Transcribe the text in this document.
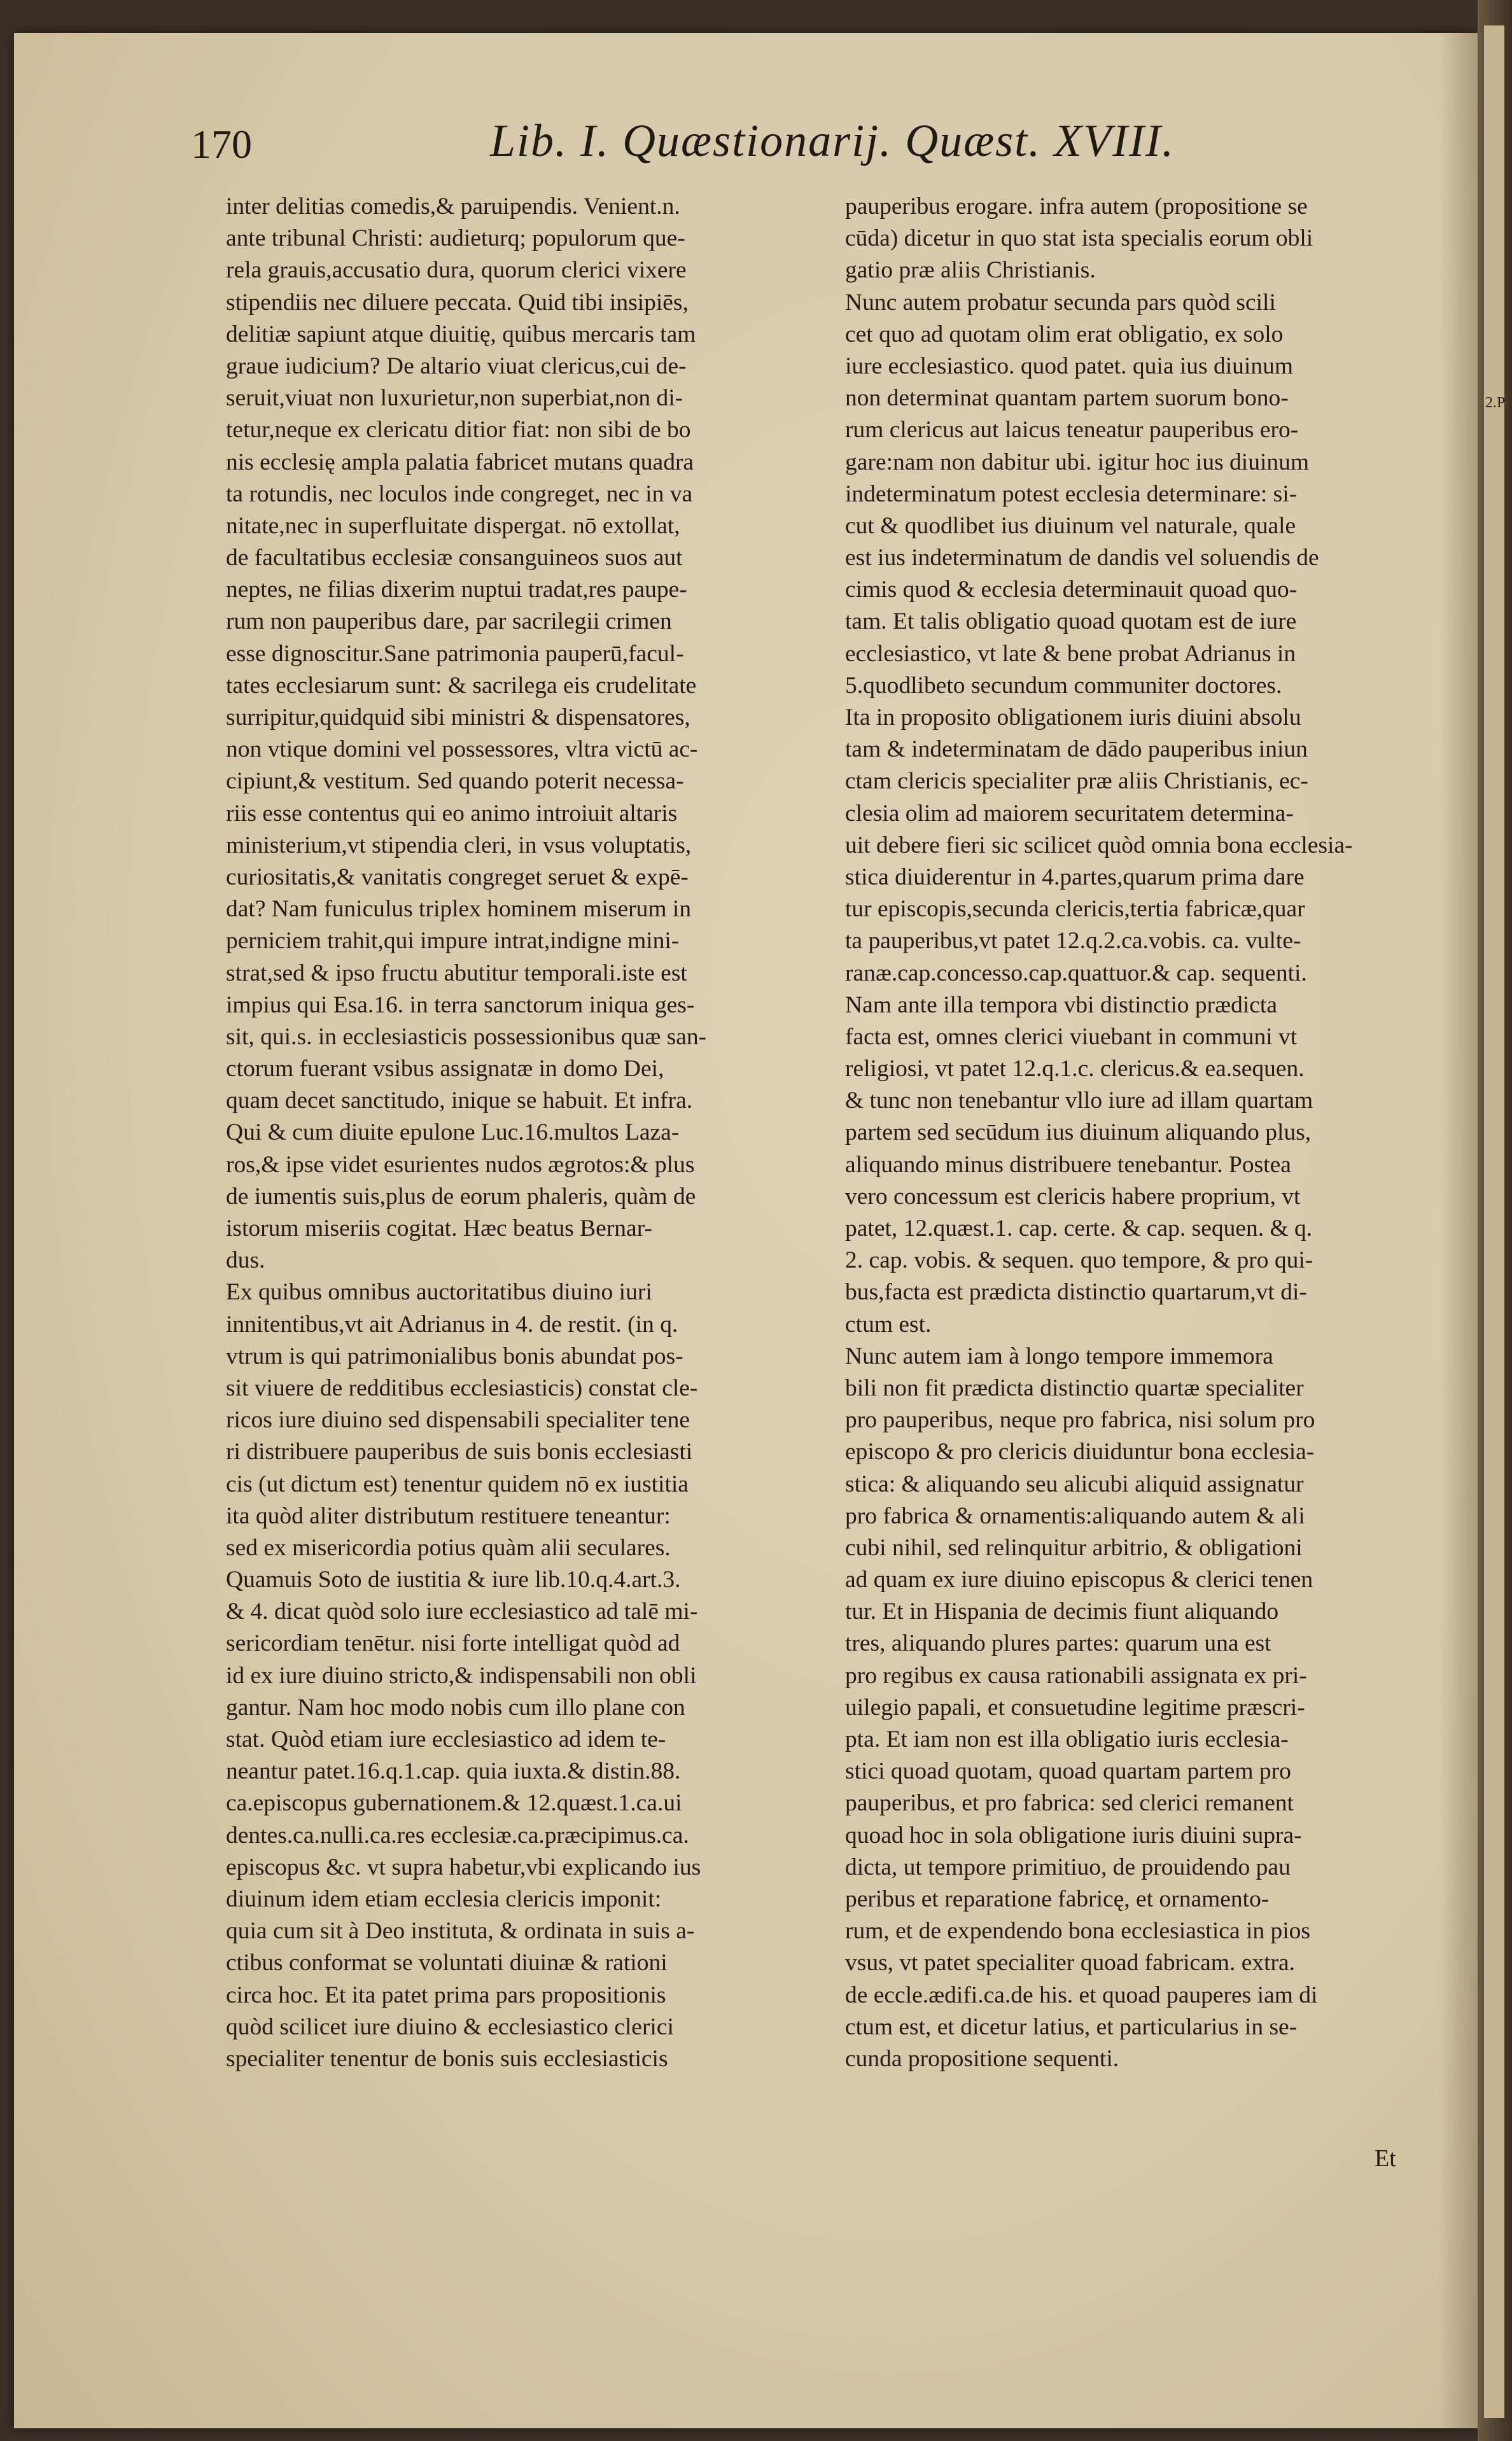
2.P
170	Lib. I. Quæstionarij. Quæst. XVIII.
inter delitias comedis,& paruipendis. Venient.n.
ante tribunal Christi: audieturq; populorum que-
rela grauis,accusatio dura, quorum clerici vixere
stipendiis nec diluere peccata. Quid tibi insipiēs,
delitiæ sapiunt atque diuitię, quibus mercaris tam
graue iudicium? De altario viuat clericus,cui de-
seruit,viuat non luxurietur,non superbiat,non di-
tetur,neque ex clericatu ditior fiat: non sibi de bo
nis ecclesię ampla palatia fabricet mutans quadra
ta rotundis, nec loculos inde congreget, nec in va
nitate,nec in superfluitate dispergat. nō extollat,
de facultatibus ecclesiæ consanguineos suos aut
neptes, ne filias dixerim nuptui tradat,res paupe-
rum non pauperibus dare, par sacrilegii crimen
esse dignoscitur.Sane patrimonia pauperū,facul-
tates ecclesiarum sunt: & sacrilega eis crudelitate
surripitur,quidquid sibi ministri & dispensatores,
non vtique domini vel possessores, vltra victū ac-
cipiunt,& vestitum. Sed quando poterit necessa-
riis esse contentus qui eo animo introiuit altaris
ministerium,vt stipendia cleri, in vsus voluptatis,
curiositatis,& vanitatis congreget seruet & expē-
dat? Nam funiculus triplex hominem miserum in
perniciem trahit,qui impure intrat,indigne mini-
strat,sed & ipso fructu abutitur temporali.iste est
impius qui Esa.16. in terra sanctorum iniqua ges-
sit, qui.s. in ecclesiasticis possessionibus quæ san-
ctorum fuerant vsibus assignatæ in domo Dei,
quam decet sanctitudo, inique se habuit. Et infra.
Qui & cum diuite epulone Luc.16.multos Laza-
ros,& ipse videt esurientes nudos ægrotos:& plus
de iumentis suis,plus de eorum phaleris, quàm de
istorum miseriis cogitat. Hæc beatus Bernar-
dus.
Ex quibus omnibus auctoritatibus diuino iuri
innitentibus,vt ait Adrianus in 4. de restit. (in q.
vtrum is qui patrimonialibus bonis abundat pos-
sit viuere de redditibus ecclesiasticis) constat cle-
ricos iure diuino sed dispensabili specialiter tene
ri distribuere pauperibus de suis bonis ecclesiasti
cis (ut dictum est) tenentur quidem nō ex iustitia
ita quòd aliter distributum restituere teneantur:
sed ex misericordia potius quàm alii seculares.
Quamuis Soto de iustitia & iure lib.10.q.4.art.3.
& 4. dicat quòd solo iure ecclesiastico ad talē mi-
sericordiam tenētur. nisi forte intelligat quòd ad
id ex iure diuino stricto,& indispensabili non obli
gantur. Nam hoc modo nobis cum illo plane con
stat. Quòd etiam iure ecclesiastico ad idem te-
neantur patet.16.q.1.cap. quia iuxta.& distin.88.
ca.episcopus gubernationem.& 12.quæst.1.ca.ui
dentes.ca.nulli.ca.res ecclesiæ.ca.præcipimus.ca.
episcopus &c. vt supra habetur,vbi explicando ius
diuinum idem etiam ecclesia clericis imponit:
quia cum sit à Deo instituta, & ordinata in suis a-
ctibus conformat se voluntati diuinæ & rationi
circa hoc. Et ita patet prima pars propositionis
quòd scilicet iure diuino & ecclesiastico clerici
specialiter tenentur de bonis suis ecclesiasticis
pauperibus erogare. infra autem (propositione se
cūda) dicetur in quo stat ista specialis eorum obli
gatio præ aliis Christianis.
Nunc autem probatur secunda pars quòd scili
cet quo ad quotam olim erat obligatio, ex solo
iure ecclesiastico. quod patet. quia ius diuinum
non determinat quantam partem suorum bono-
rum clericus aut laicus teneatur pauperibus ero-
gare:nam non dabitur ubi. igitur hoc ius diuinum
indeterminatum potest ecclesia determinare: si-
cut & quodlibet ius diuinum vel naturale, quale
est ius indeterminatum de dandis vel soluendis de
cimis quod & ecclesia determinauit quoad quo-
tam. Et talis obligatio quoad quotam est de iure
ecclesiastico, vt late & bene probat Adrianus in
5.quodlibeto secundum communiter doctores.
Ita in proposito obligationem iuris diuini absolu
tam & indeterminatam de dādo pauperibus iniun
ctam clericis specialiter præ aliis Christianis, ec-
clesia olim ad maiorem securitatem determina-
uit debere fieri sic scilicet quòd omnia bona ecclesia-
stica diuiderentur in 4.partes,quarum prima dare
tur episcopis,secunda clericis,tertia fabricæ,quar
ta pauperibus,vt patet 12.q.2.ca.vobis. ca. vulte-
ranæ.cap.concesso.cap.quattuor.& cap. sequenti.
Nam ante illa tempora vbi distinctio prædicta
facta est, omnes clerici viuebant in communi vt
religiosi, vt patet 12.q.1.c. clericus.& ea.sequen.
& tunc non tenebantur vllo iure ad illam quartam
partem sed secūdum ius diuinum aliquando plus,
aliquando minus distribuere tenebantur. Postea
vero concessum est clericis habere proprium, vt
patet, 12.quæst.1. cap. certe. & cap. sequen. & q.
2. cap. vobis. & sequen. quo tempore, & pro qui-
bus,facta est prædicta distinctio quartarum,vt di-
ctum est.
Nunc autem iam à longo tempore immemora
bili non fit prædicta distinctio quartæ specialiter
pro pauperibus, neque pro fabrica, nisi solum pro
episcopo & pro clericis diuiduntur bona ecclesia-
stica: & aliquando seu alicubi aliquid assignatur
pro fabrica & ornamentis:aliquando autem & ali
cubi nihil, sed relinquitur arbitrio, & obligationi
ad quam ex iure diuino episcopus & clerici tenen
tur. Et in Hispania de decimis fiunt aliquando
tres, aliquando plures partes: quarum una est
pro regibus ex causa rationabili assignata ex pri-
uilegio papali, et consuetudine legitime præscri-
pta. Et iam non est illa obligatio iuris ecclesia-
stici quoad quotam, quoad quartam partem pro
pauperibus, et pro fabrica: sed clerici remanent
quoad hoc in sola obligatione iuris diuini supra-
dicta, ut tempore primitiuo, de prouidendo pau
peribus et reparatione fabricę, et ornamento-
rum, et de expendendo bona ecclesiastica in pios
vsus, vt patet specialiter quoad fabricam. extra.
de eccle.ædifi.ca.de his. et quoad pauperes iam di
ctum est, et dicetur latius, et particularius in se-
cunda propositione sequenti.
Et
